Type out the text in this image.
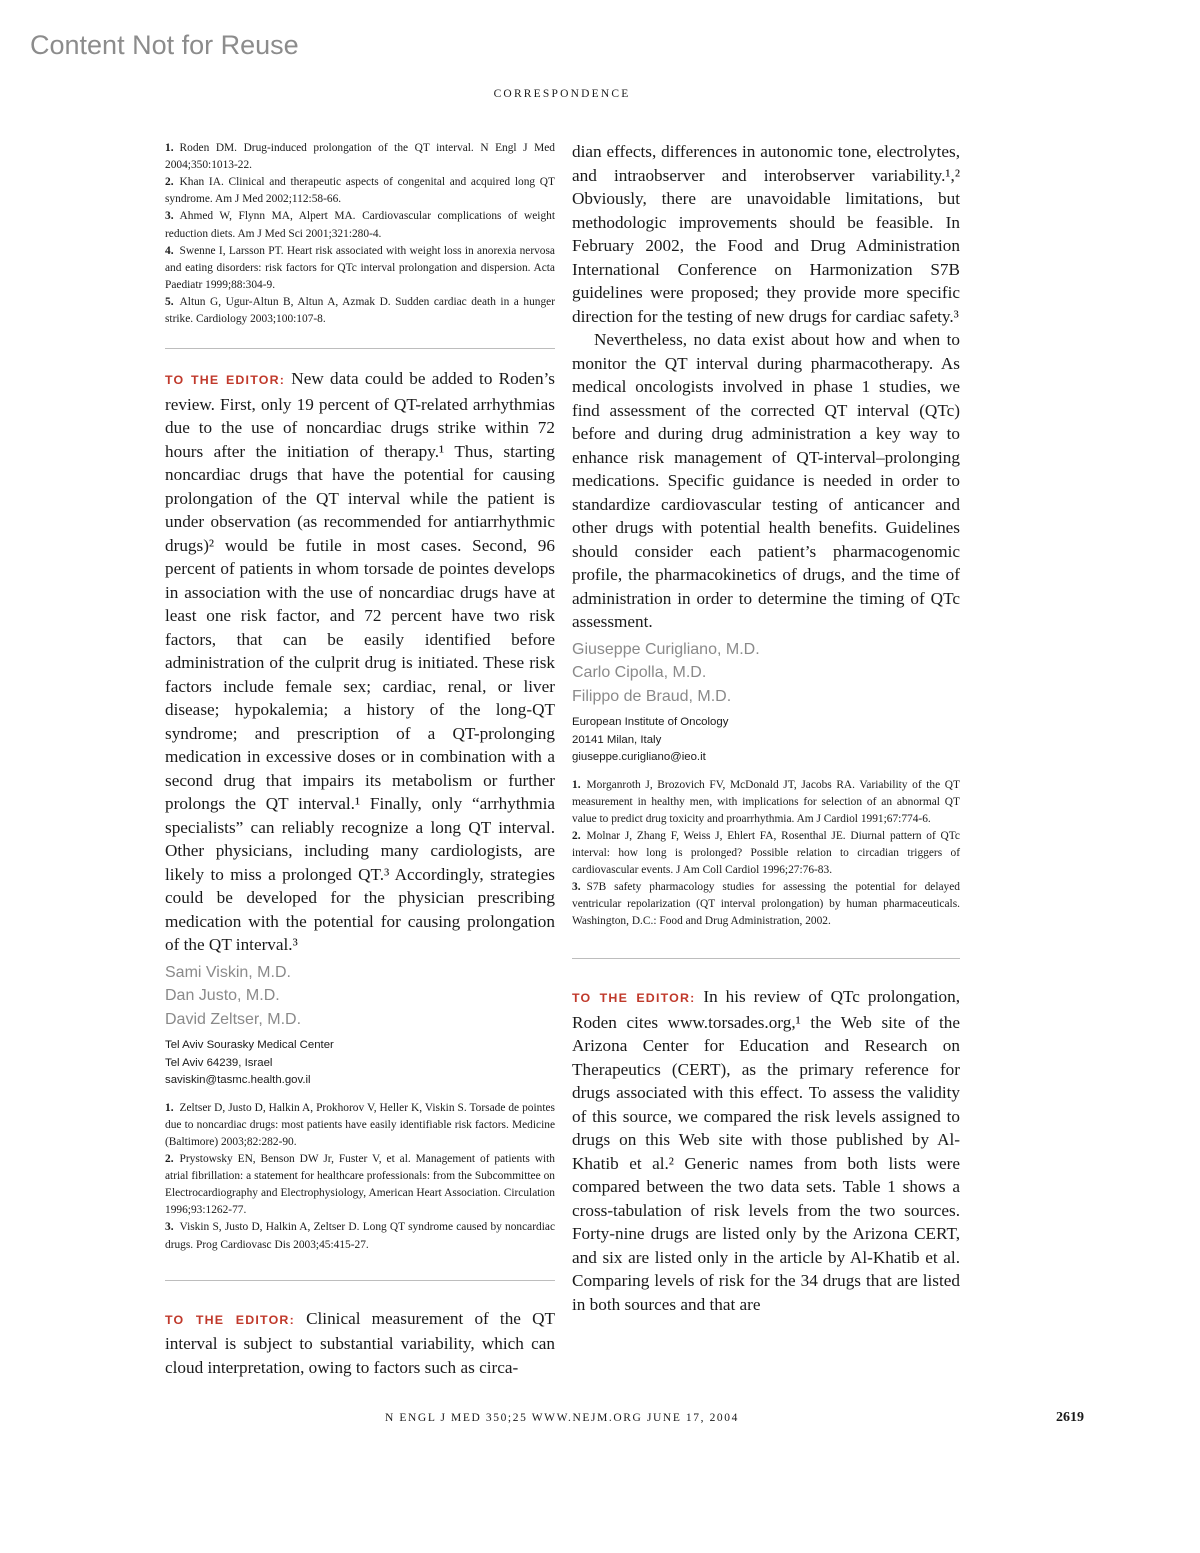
Content Not for Reuse
CORRESPONDENCE

1. Roden DM. Drug-induced prolongation of the QT interval. N Engl J Med 2004;350:1013-22.

2. Khan IA. Clinical and therapeutic aspects of congenital and acquired long QT syndrome. Am J Med 2002;112:58-66.

3. Ahmed W, Flynn MA, Alpert MA. Cardiovascular complications of weight reduction diets. Am J Med Sci 2001;321:280-4.

4. Swenne I, Larsson PT. Heart risk associated with weight loss in anorexia nervosa and eating disorders: risk factors for QTc interval prolongation and dispersion. Acta Paediatr 1999;88:304-9.

5. Altun G, Ugur-Altun B, Altun A, Azmak D. Sudden cardiac death in a hunger strike. Cardiology 2003;100:107-8.

TO THE EDITOR: New data could be added to Roden’s review. First, only 19 percent of QT-related arrhythmias due to the use of noncardiac drugs strike within 72 hours after the initiation of therapy.¹ Thus, starting noncardiac drugs that have the potential for causing prolongation of the QT interval while the patient is under observation (as recommended for antiarrhythmic drugs)² would be futile in most cases. Second, 96 percent of patients in whom torsade de pointes develops in association with the use of noncardiac drugs have at least one risk factor, and 72 percent have two risk factors, that can be easily identified before administration of the culprit drug is initiated. These risk factors include female sex; cardiac, renal, or liver disease; hypokalemia; a history of the long-QT syndrome; and prescription of a QT-prolonging medication in excessive doses or in combination with a second drug that impairs its metabolism or further prolongs the QT interval.¹ Finally, only “arrhythmia specialists” can reliably recognize a long QT interval. Other physicians, including many cardiologists, are likely to miss a prolonged QT.³ Accordingly, strategies could be developed for the physician prescribing medication with the potential for causing prolongation of the QT interval.³

Sami Viskin, M.D.
Dan Justo, M.D.
David Zeltser, M.D.
Tel Aviv Sourasky Medical Center
Tel Aviv 64239, Israel
saviskin@tasmc.health.gov.il

1. Zeltser D, Justo D, Halkin A, Prokhorov V, Heller K, Viskin S. Torsade de pointes due to noncardiac drugs: most patients have easily identifiable risk factors. Medicine (Baltimore) 2003;82:282-90.

2. Prystowsky EN, Benson DW Jr, Fuster V, et al. Management of patients with atrial fibrillation: a statement for healthcare professionals: from the Subcommittee on Electrocardiography and Electrophysiology, American Heart Association. Circulation 1996;93:1262-77.

3. Viskin S, Justo D, Halkin A, Zeltser D. Long QT syndrome caused by noncardiac drugs. Prog Cardiovasc Dis 2003;45:415-27.

TO THE EDITOR: Clinical measurement of the QT interval is subject to substantial variability, which can cloud interpretation, owing to factors such as circa-

dian effects, differences in autonomic tone, electrolytes, and intraobserver and interobserver variability.¹,² Obviously, there are unavoidable limitations, but methodologic improvements should be feasible. In February 2002, the Food and Drug Administration International Conference on Harmonization S7B guidelines were proposed; they provide more specific direction for the testing of new drugs for cardiac safety.³

Nevertheless, no data exist about how and when to monitor the QT interval during pharmacotherapy. As medical oncologists involved in phase 1 studies, we find assessment of the corrected QT interval (QTc) before and during drug administration a key way to enhance risk management of QT-interval–prolonging medications. Specific guidance is needed in order to standardize cardiovascular testing of anticancer and other drugs with potential health benefits. Guidelines should consider each patient’s pharmacogenomic profile, the pharmacokinetics of drugs, and the time of administration in order to determine the timing of QTc assessment.

Giuseppe Curigliano, M.D.
Carlo Cipolla, M.D.
Filippo de Braud, M.D.
European Institute of Oncology
20141 Milan, Italy
giuseppe.curigliano@ieo.it

1. Morganroth J, Brozovich FV, McDonald JT, Jacobs RA. Variability of the QT measurement in healthy men, with implications for selection of an abnormal QT value to predict drug toxicity and proarrhythmia. Am J Cardiol 1991;67:774-6.

2. Molnar J, Zhang F, Weiss J, Ehlert FA, Rosenthal JE. Diurnal pattern of QTc interval: how long is prolonged? Possible relation to circadian triggers of cardiovascular events. J Am Coll Cardiol 1996;27:76-83.

3. S7B safety pharmacology studies for assessing the potential for delayed ventricular repolarization (QT interval prolongation) by human pharmaceuticals. Washington, D.C.: Food and Drug Administration, 2002.

TO THE EDITOR: In his review of QTc prolongation, Roden cites www.torsades.org,¹ the Web site of the Arizona Center for Education and Research on Therapeutics (CERT), as the primary reference for drugs associated with this effect. To assess the validity of this source, we compared the risk levels assigned to drugs on this Web site with those published by Al-Khatib et al.² Generic names from both lists were compared between the two data sets. Table 1 shows a cross-tabulation of risk levels from the two sources. Forty-nine drugs are listed only by the Arizona CERT, and six are listed only in the article by Al-Khatib et al. Comparing levels of risk for the 34 drugs that are listed in both sources and that are

N ENGL J MED 350;25 WWW.NEJM.ORG JUNE 17, 2004	2619
